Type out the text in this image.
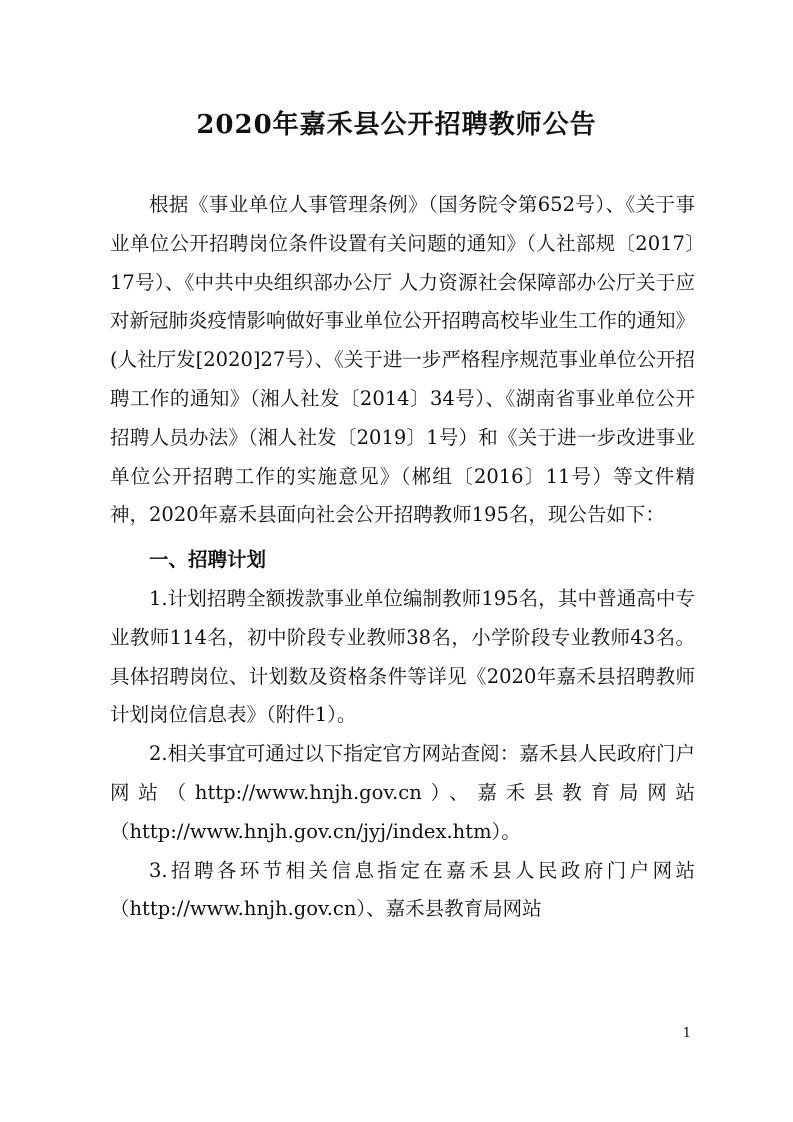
2020年嘉禾县公开招聘教师公告

根据《事业单位人事管理条例》（国务院令第652号）、《关于事业单位公开招聘岗位条件设置有关问题的通知》（人社部规〔2017〕17号）、《中共中央组织部办公厅 人力资源社会保障部办公厅关于应对新冠肺炎疫情影响做好事业单位公开招聘高校毕业生工作的通知》(人社厅发[2020]27号）、《关于进一步严格程序规范事业单位公开招聘工作的通知》（湘人社发〔2014〕34号）、《湖南省事业单位公开招聘人员办法》（湘人社发〔2019〕1号）和《关于进一步改进事业单位公开招聘工作的实施意见》（郴组〔2016〕11号）等文件精神，2020年嘉禾县面向社会公开招聘教师195名，现公告如下：

一、招聘计划

1.计划招聘全额拨款事业单位编制教师195名，其中普通高中专业教师114名，初中阶段专业教师38名，小学阶段专业教师43名。具体招聘岗位、计划数及资格条件等详见《2020年嘉禾县招聘教师计划岗位信息表》（附件1）。

2.相关事宜可通过以下指定官方网站查阅：嘉禾县人民政府门户网站（http://www.hnjh.gov.cn）、嘉禾县教育局网站（http://www.hnjh.gov.cn/jyj/index.htm）。

3.招聘各环节相关信息指定在嘉禾县人民政府门户网站（http://www.hnjh.gov.cn）、嘉禾县教育局网站

1
